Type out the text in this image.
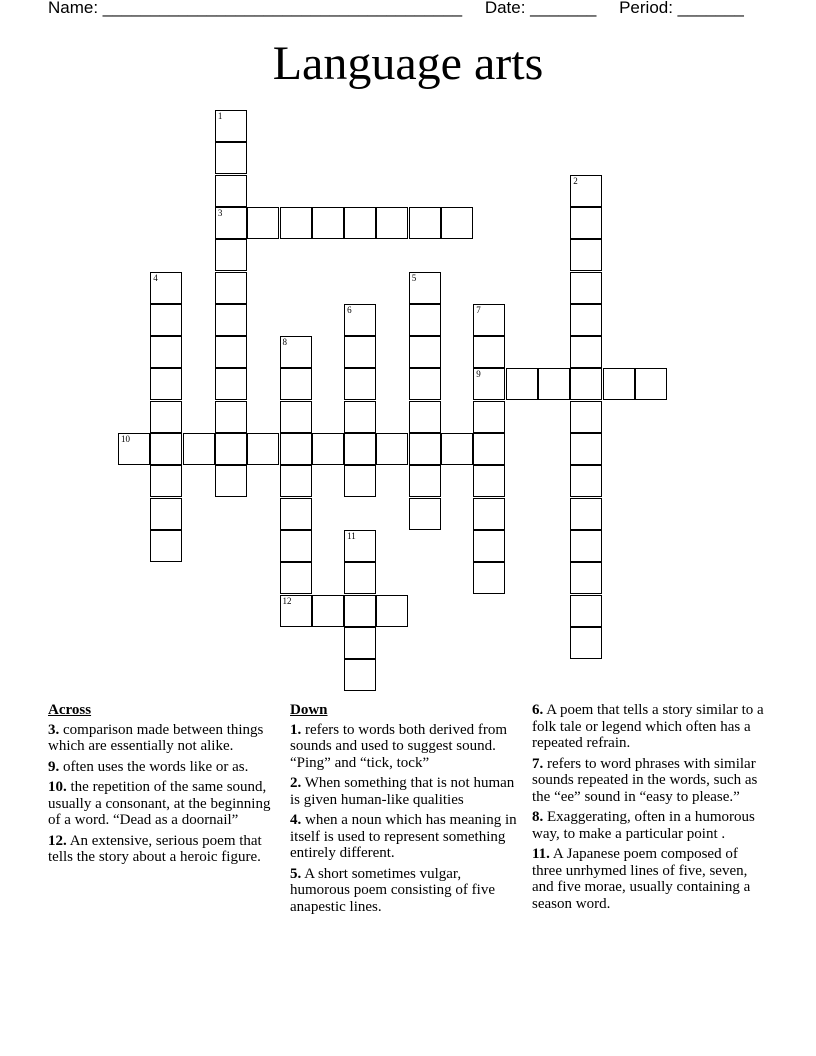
Name: ______________________________________ Date: _______ Period: _______
Language arts
1
3
2
4	5
6	7
9
8
12
10
11
Across
3. comparison made between things which are essentially not alike.
9. often uses the words like or as.
10. the repetition of the same sound, usually a consonant, at the beginning of a word. “Dead as a doornail”
12. An extensive, serious poem that tells the story about a heroic figure.
Down
1. refers to words both derived from sounds and used to suggest sound. “Ping” and “tick, tock”
2. When something that is not human is given human-like qualities
4. when a noun which has meaning in itself is used to represent something entirely different.
5. A short sometimes vulgar, humorous poem consisting of five anapestic lines.
6. A poem that tells a story similar to a folk tale or legend which often has a repeated refrain.
7. refers to word phrases with similar sounds repeated in the words, such as the “ee” sound in “easy to please.”
8. Exaggerating, often in a humorous way, to make a particular point .
11. A Japanese poem composed of three unrhymed lines of five, seven, and five morae, usually containing a season word.
